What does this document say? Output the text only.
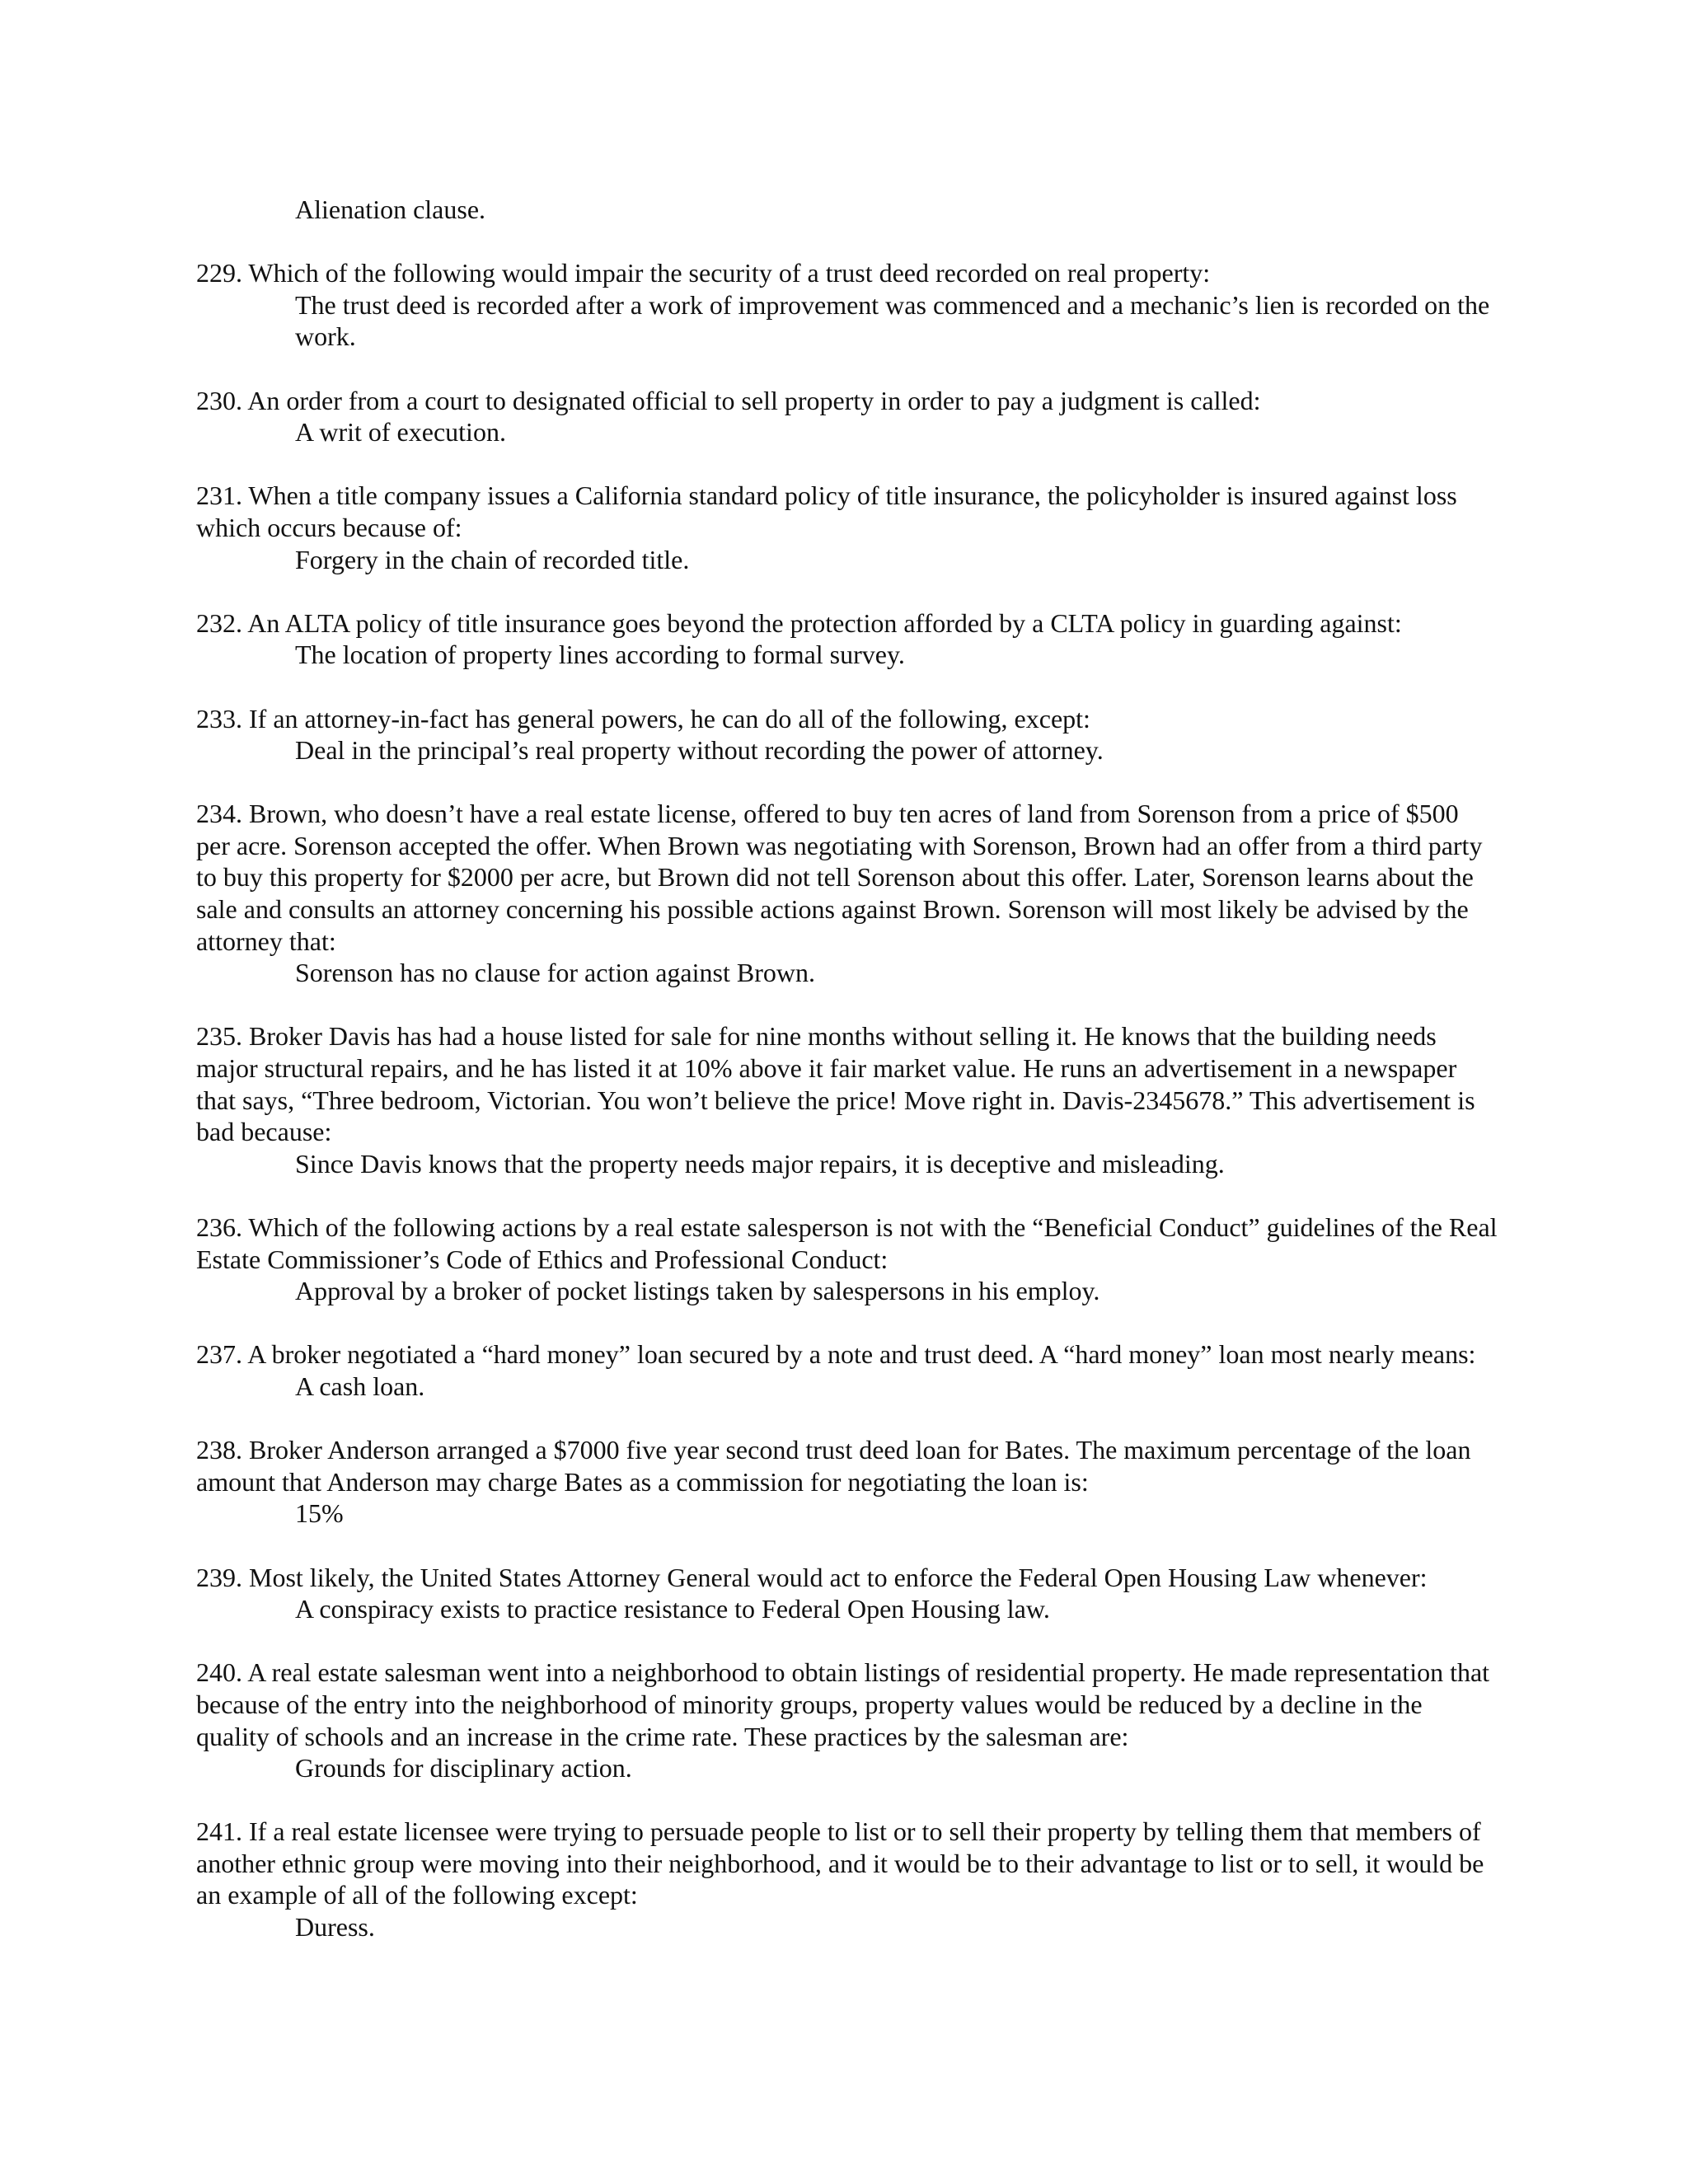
Alienation clause.

229. Which of the following would impair the security of a trust deed recorded on real property:

The trust deed is recorded after a work of improvement was commenced and a mechanic’s lien is recorded on the work.

230. An order from a court to designated official to sell property in order to pay a judgment is called:

A writ of execution.

231. When a title company issues a California standard policy of title insurance, the policyholder is insured against loss which occurs because of:

Forgery in the chain of recorded title.

232. An ALTA policy of title insurance goes beyond the protection afforded by a CLTA policy in guarding against:

The location of property lines according to formal survey.

233. If an attorney-in-fact has general powers, he can do all of the following, except:

Deal in the principal’s real property without recording the power of attorney.

234. Brown, who doesn’t have a real estate license, offered to buy ten acres of land from Sorenson from a price of $500 per acre. Sorenson accepted the offer. When Brown was negotiating with Sorenson, Brown had an offer from a third party to buy this property for $2000 per acre, but Brown did not tell Sorenson about this offer. Later, Sorenson learns about the sale and consults an attorney concerning his possible actions against Brown. Sorenson will most likely be advised by the attorney that:

Sorenson has no clause for action against Brown.

235. Broker Davis has had a house listed for sale for nine months without selling it. He knows that the building needs major structural repairs, and he has listed it at 10% above it fair market value. He runs an advertisement in a newspaper that says, “Three bedroom, Victorian. You won’t believe the price! Move right in. Davis-2345678.” This advertisement is bad because:

Since Davis knows that the property needs major repairs, it is deceptive and misleading.

236. Which of the following actions by a real estate salesperson is not with the “Beneficial Conduct” guidelines of the Real Estate Commissioner’s Code of Ethics and Professional Conduct:

Approval by a broker of pocket listings taken by salespersons in his employ.

237. A broker negotiated a “hard money” loan secured by a note and trust deed. A “hard money” loan most nearly means:

A cash loan.

238. Broker Anderson arranged a $7000 five year second trust deed loan for Bates. The maximum percentage of the loan amount that Anderson may charge Bates as a commission for negotiating the loan is:

15%

239. Most likely, the United States Attorney General would act to enforce the Federal Open Housing Law whenever:

A conspiracy exists to practice resistance to Federal Open Housing law.

240. A real estate salesman went into a neighborhood to obtain listings of residential property. He made representation that because of the entry into the neighborhood of minority groups, property values would be reduced by a decline in the quality of schools and an increase in the crime rate. These practices by the salesman are:

Grounds for disciplinary action.

241. If a real estate licensee were trying to persuade people to list or to sell their property by telling them that members of another ethnic group were moving into their neighborhood, and it would be to their advantage to list or to sell, it would be an example of all of the following except:

Duress.
